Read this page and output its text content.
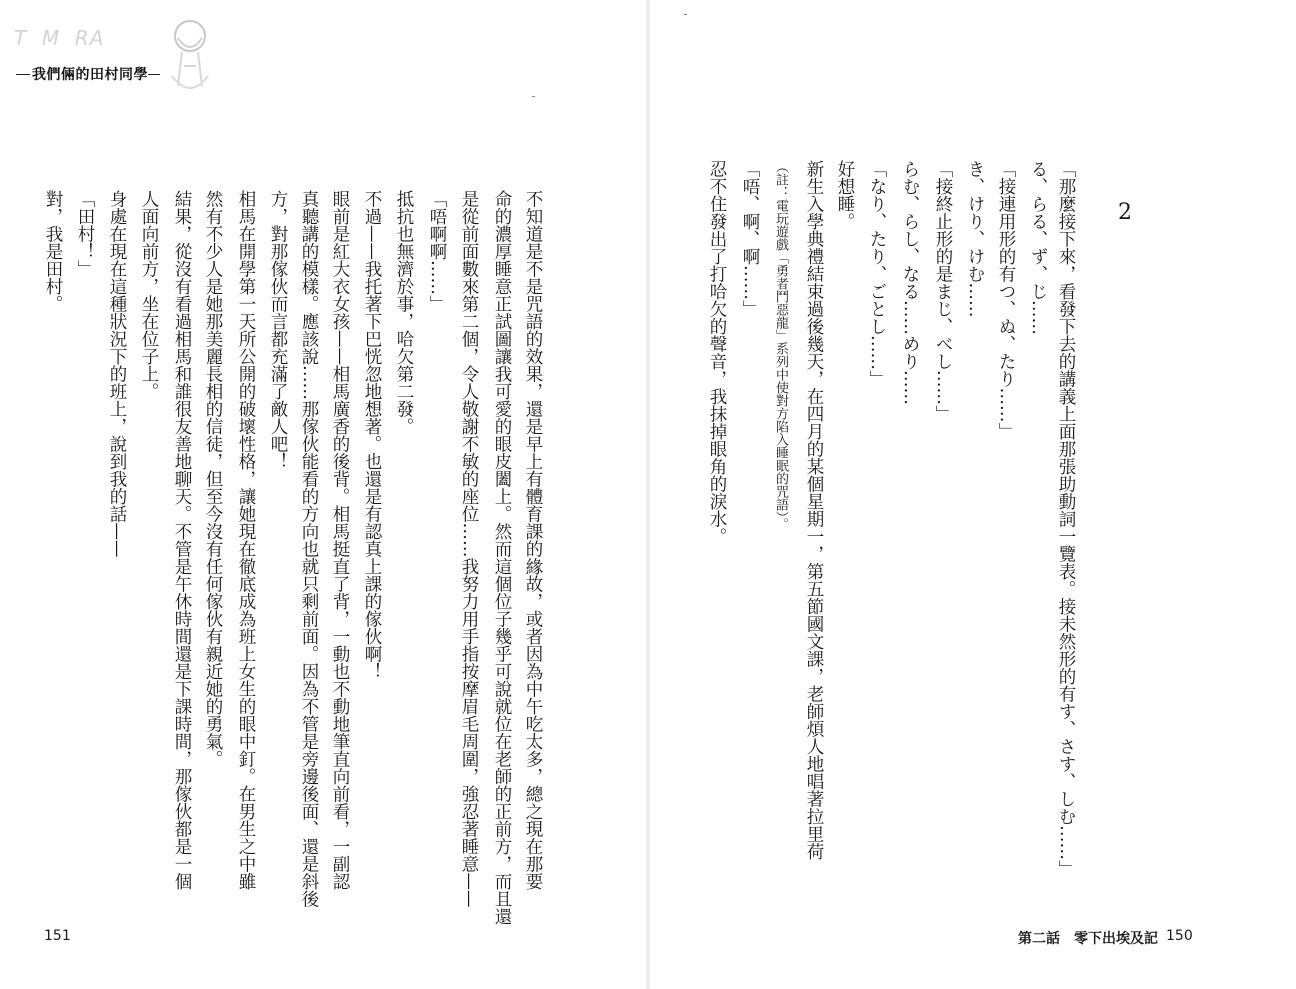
T  M  RA

我們倆的田村同學

2

「那麼接下來，看發下去的講義上面那張助動詞一覽表。接未然形的有す、さす、しむ……」

る、らる、ず、じ……

「接連用形的有つ、ぬ、たり……」

き、けり、けむ……

「接終止形的是まじ、べし……」

らむ、らし、なる……めり……

「なり、たり、ごとし……」

好想睡。

新生入學典禮結束過後幾天，在四月的某個星期一，第五節國文課，老師煩人地唱著拉里荷

（註：電玩遊戲「勇者鬥惡龍」系列中使對方陷入睡眠的咒語）。

「唔、啊、啊……」

忍不住發出了打哈欠的聲音，我抹掉眼角的淚水。

第二話　零下出埃及記 150

不知道是不是咒語的效果，還是早上有體育課的緣故，或者因為中午吃太多，總之現在那要

命的濃厚睡意正試圖讓我可愛的眼皮闔上。然而這個位子幾乎可說就位在老師的正前方，而且還

是從前面數來第二個，令人敬謝不敏的座位……我努力用手指按摩眉毛周圍，強忍著睡意——

「唔啊啊……」

抵抗也無濟於事，哈欠第二發。

不過——我托著下巴恍忽地想著。也還是有認真上課的傢伙啊！

眼前是紅大衣女孩——相馬廣香的後背。相馬挺直了背，一動也不動地筆直向前看，一副認

真聽講的模樣。應該說……那傢伙能看的方向也就只剩前面。因為不管是旁邊後面、還是斜後

方，對那傢伙而言都充滿了敵人吧！

相馬在開學第一天所公開的破壞性格，讓她現在徹底成為班上女生的眼中釘。在男生之中雖

然有不少人是她那美麗長相的信徒，但至今沒有任何傢伙有親近她的勇氣。

結果，從沒有看過相馬和誰很友善地聊天。不管是午休時間還是下課時間，那傢伙都是一個

人面向前方，坐在位子上。

身處在現在這種狀況下的班上，說到我的話——

「田村！」

對，我是田村。

151
